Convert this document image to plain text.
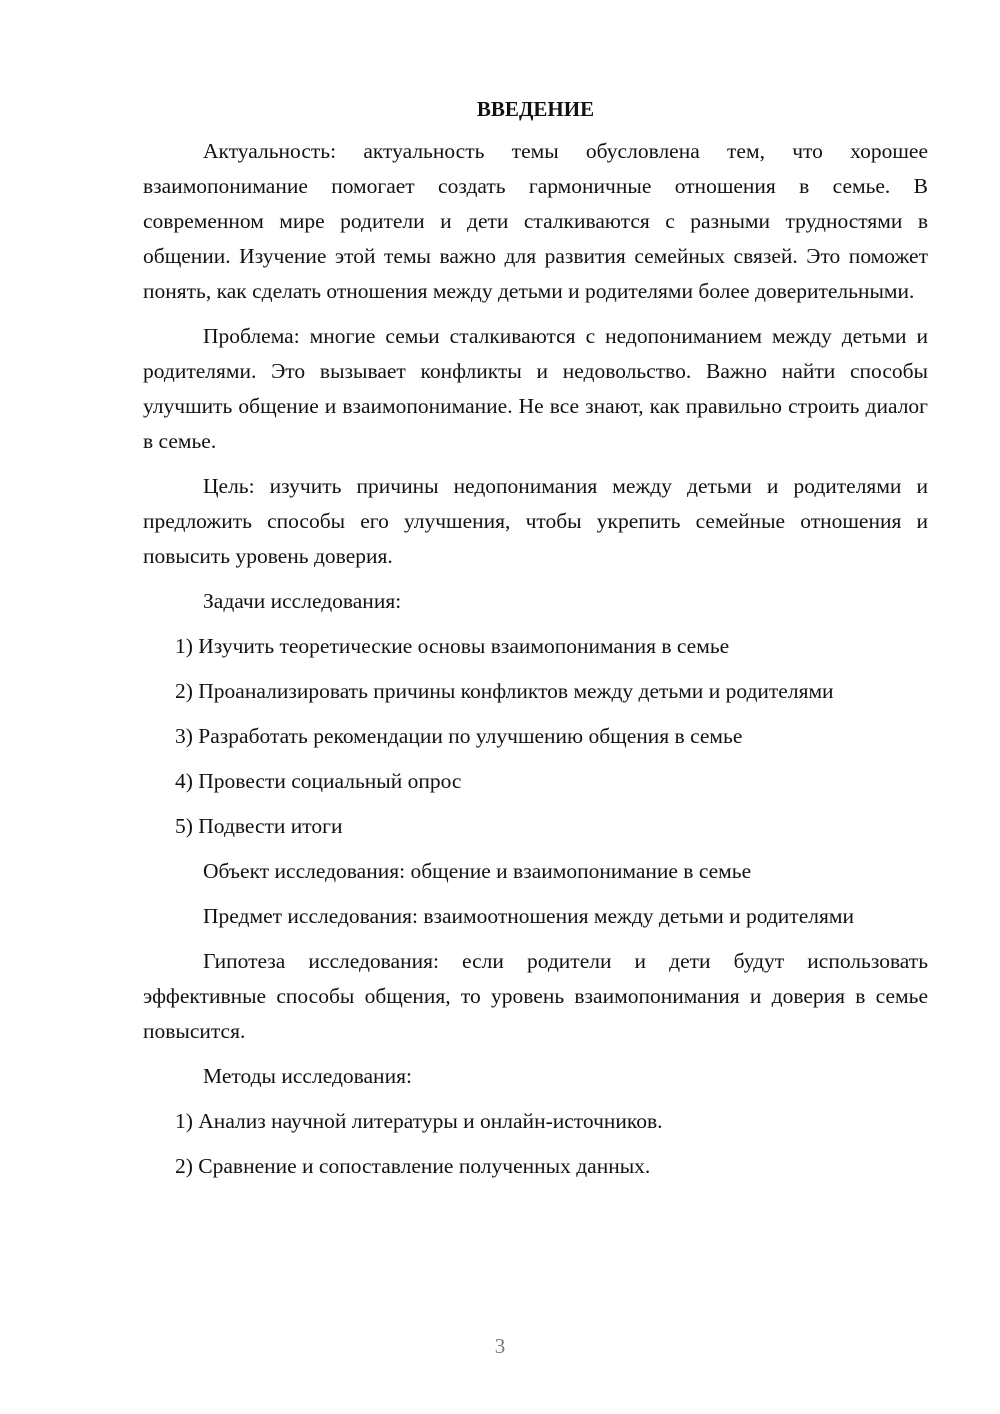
ВВЕДЕНИЕ

Актуальность: актуальность темы обусловлена тем, что хорошее взаимопонимание помогает создать гармоничные отношения в семье. В современном мире родители и дети сталкиваются с разными трудностями в общении. Изучение этой темы важно для развития семейных связей. Это поможет понять, как сделать отношения между детьми и родителями более доверительными.

Проблема: многие семьи сталкиваются с недопониманием между детьми и родителями. Это вызывает конфликты и недовольство. Важно найти способы улучшить общение и взаимопонимание. Не все знают, как правильно строить диалог в семье.

Цель: изучить причины недопонимания между детьми и родителями и предложить способы его улучшения, чтобы укрепить семейные отношения и повысить уровень доверия.

Задачи исследования:

1) Изучить теоретические основы взаимопонимания в семье

2) Проанализировать причины конфликтов между детьми и родителями

3) Разработать рекомендации по улучшению общения в семье

4) Провести социальный опрос

5) Подвести итоги

Объект исследования: общение и взаимопонимание в семье

Предмет исследования: взаимоотношения между детьми и родителями

Гипотеза исследования: если родители и дети будут использовать эффективные способы общения, то уровень взаимопонимания и доверия в семье повысится.

Методы исследования:

1) Анализ научной литературы и онлайн-источников.

2) Сравнение и сопоставление полученных данных.

3
